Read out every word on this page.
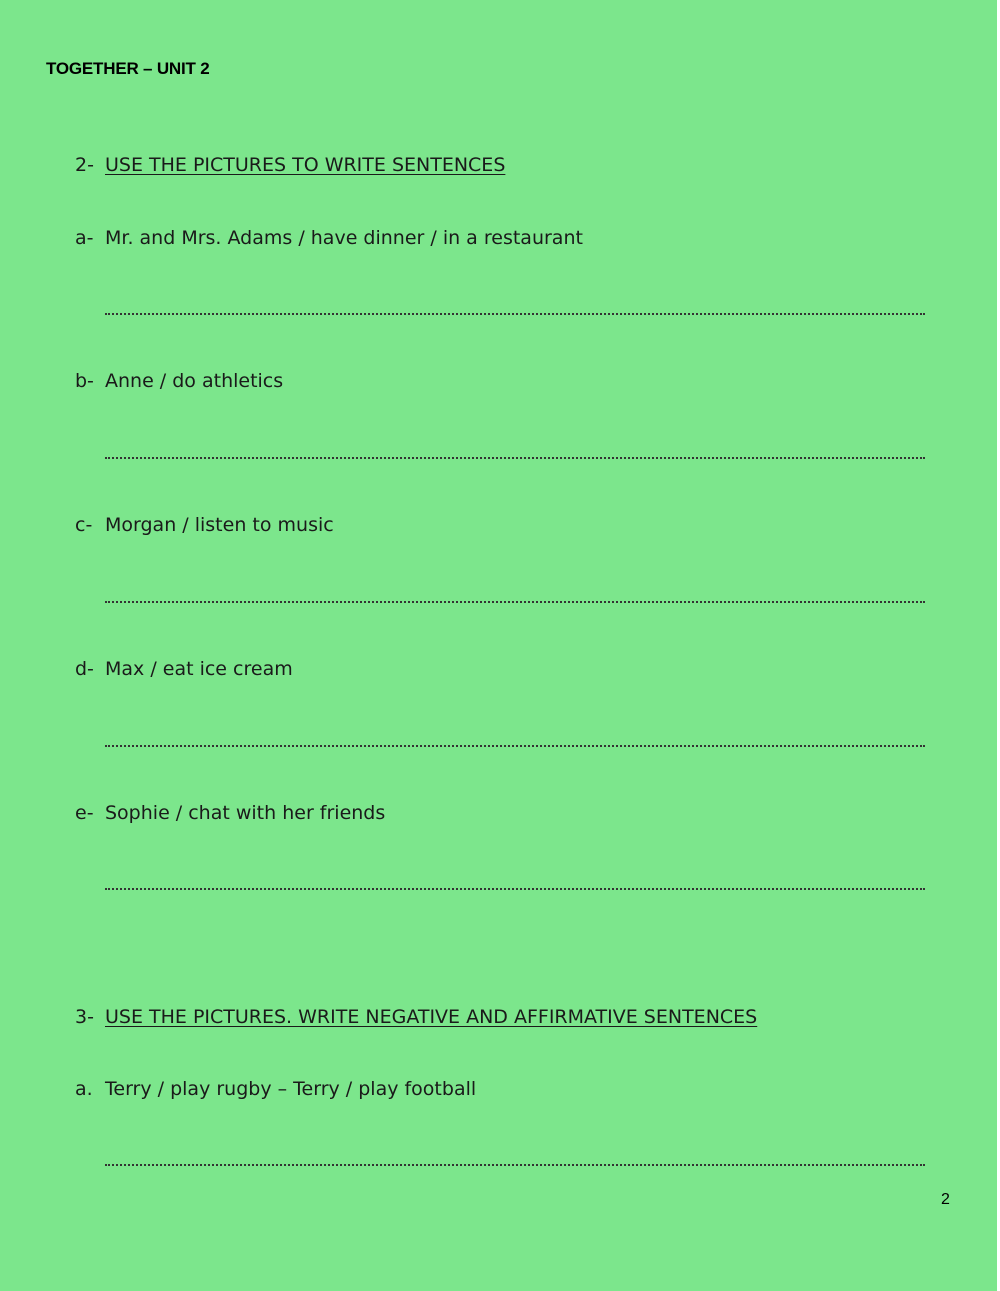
TOGETHER – UNIT 2
2- USE THE PICTURES TO WRITE SENTENCES
a- Mr. and Mrs. Adams / have dinner / in a restaurant
b- Anne / do athletics
c- Morgan / listen to music
d- Max / eat ice cream
e- Sophie / chat with her friends
3- USE THE PICTURES. WRITE NEGATIVE AND AFFIRMATIVE SENTENCES
a. Terry / play rugby – Terry / play football
2
